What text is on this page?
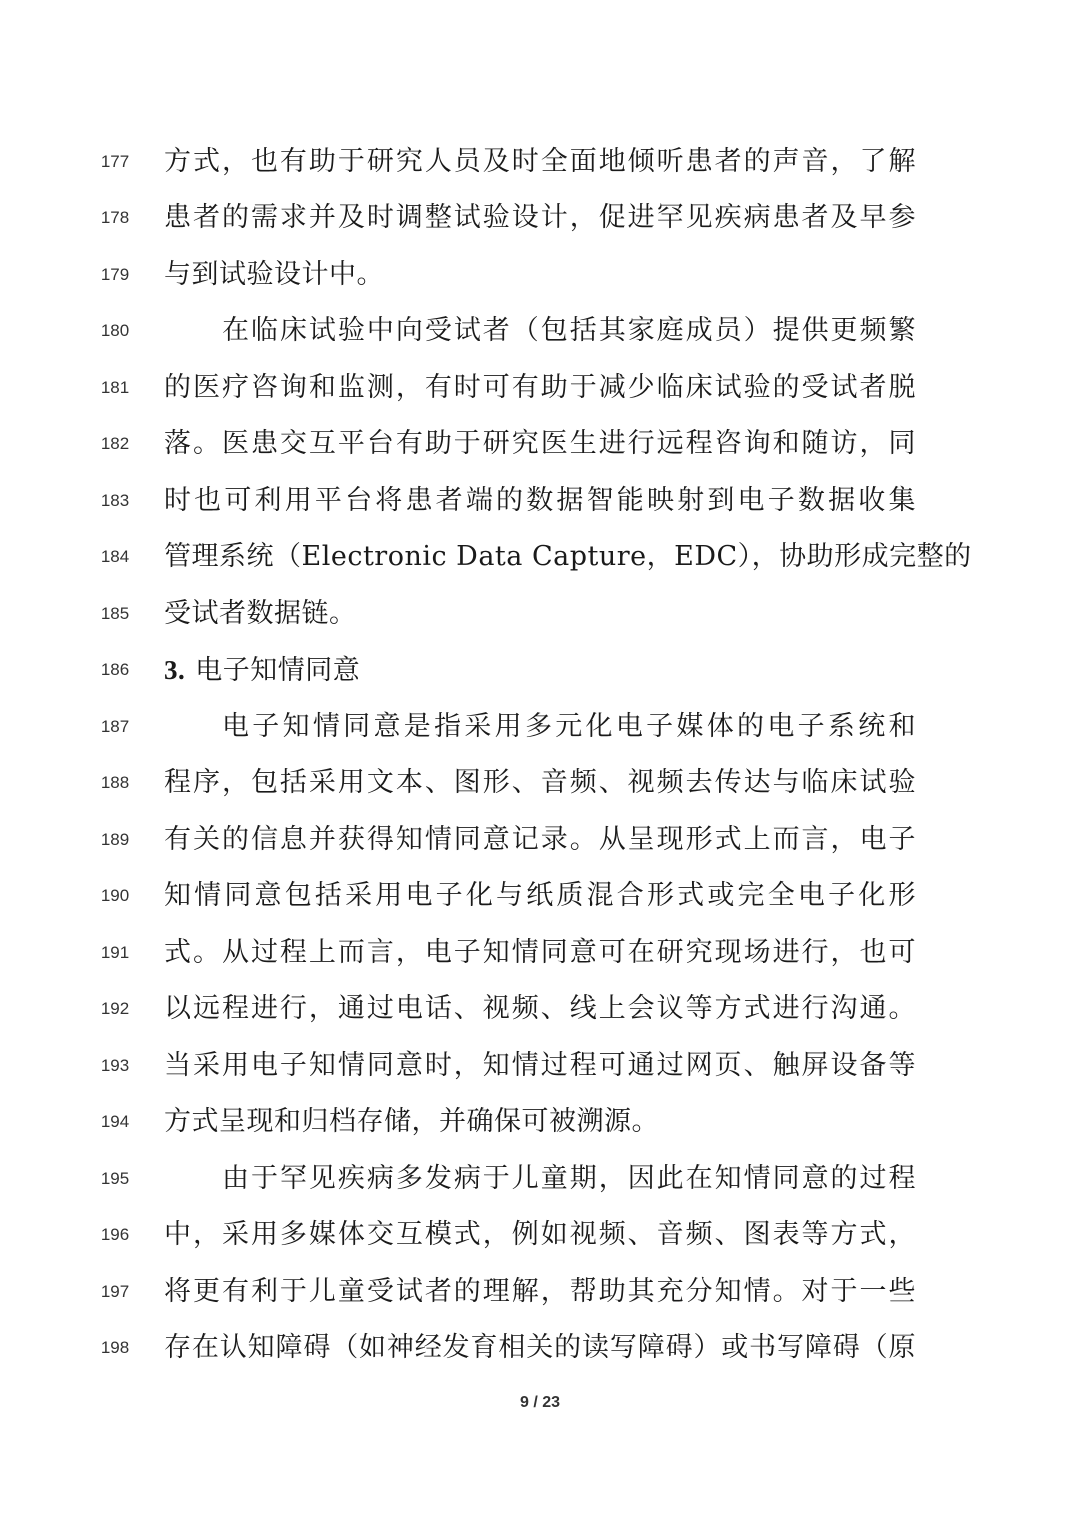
177	方式，也有助于研究人员及时全面地倾听患者的声音，了解
178	患者的需求并及时调整试验设计，促进罕见疾病患者及早参
179	与到试验设计中。
180	在临床试验中向受试者（包括其家庭成员）提供更频繁
181	的医疗咨询和监测，有时可有助于减少临床试验的受试者脱
182	落。医患交互平台有助于研究医生进行远程咨询和随访，同
183	时也可利用平台将患者端的数据智能映射到电子数据收集
184	管理系统（Electronic Data Capture，EDC），协助形成完整的
185	受试者数据链。
186	3. 电子知情同意
187	电子知情同意是指采用多元化电子媒体的电子系统和
188	程序，包括采用文本、图形、音频、视频去传达与临床试验
189	有关的信息并获得知情同意记录。从呈现形式上而言，电子
190	知情同意包括采用电子化与纸质混合形式或完全电子化形
191	式。从过程上而言，电子知情同意可在研究现场进行，也可
192	以远程进行，通过电话、视频、线上会议等方式进行沟通。
193	当采用电子知情同意时，知情过程可通过网页、触屏设备等
194	方式呈现和归档存储，并确保可被溯源。
195	由于罕见疾病多发病于儿童期，因此在知情同意的过程
196	中，采用多媒体交互模式，例如视频、音频、图表等方式，
197	将更有利于儿童受试者的理解，帮助其充分知情。对于一些
198	存在认知障碍（如神经发育相关的读写障碍）或书写障碍（原
9 / 23
